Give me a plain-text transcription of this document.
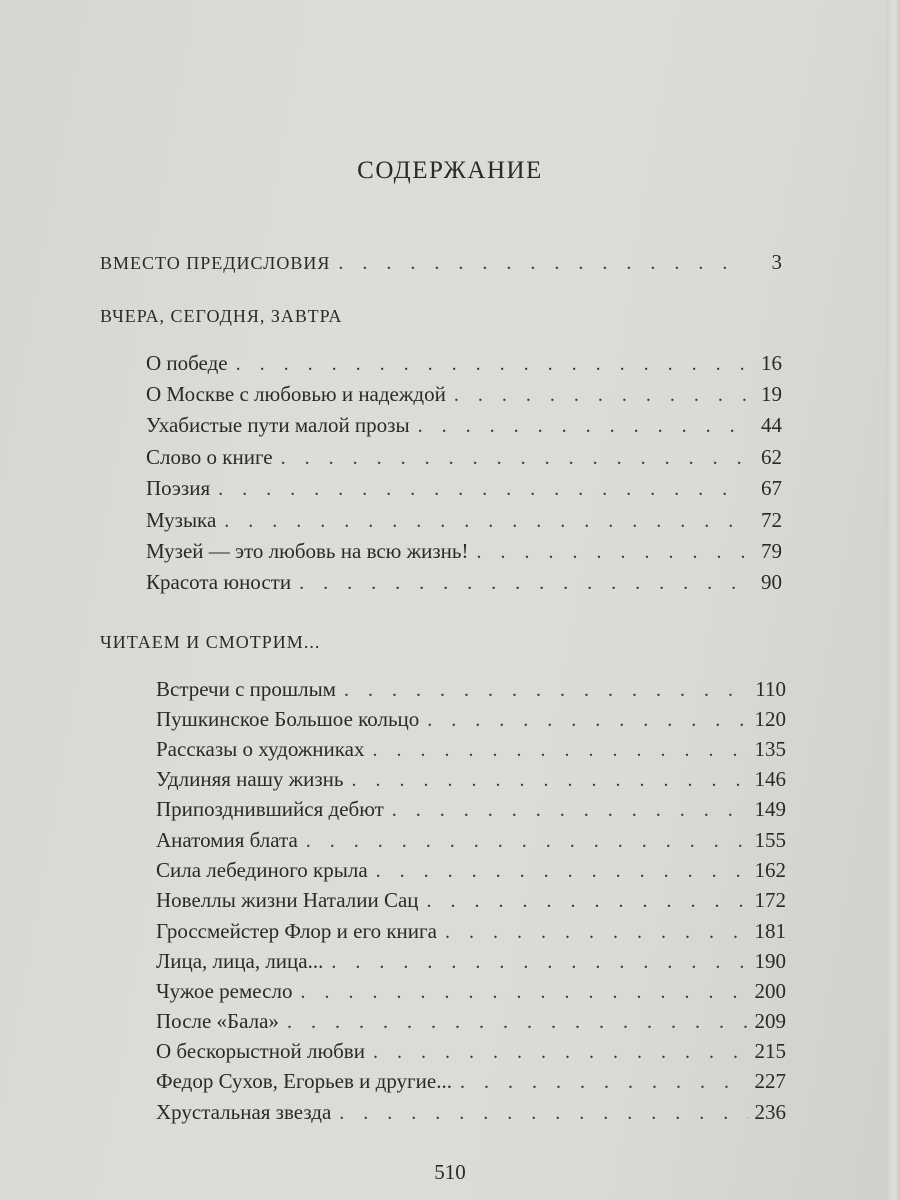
СОДЕРЖАНИЕ
ВМЕСТО ПРЕДИСЛОВИЯ . . .	3
ВЧЕРА, СЕГОДНЯ, ЗАВТРА
О победе . . .	16
О Москве с любовью и надеждой . . .	19
Ухабистые пути малой прозы . . .	44
Слово о книге . . .	62
Поэзия . . .	67
Музыка . . .	72
Музей — это любовь на всю жизнь! . . .	79
Красота юности . . .	90
ЧИТАЕМ И СМОТРИМ...
Встречи с прошлым . . .	110
Пушкинское Большое кольцо . . .	120
Рассказы о художниках . . .	135
Удлиняя нашу жизнь . . .	146
Припозднившийся дебют . . .	149
Анатомия блата . . .	155
Сила лебединого крыла . . .	162
Новеллы жизни Наталии Сац . . .	172
Гроссмейстер Флор и его книга . . .	181
Лица, лица, лица... . . .	190
Чужое ремесло . . .	200
После «Бала» . . .	209
О бескорыстной любви . . .	215
Федор Сухов, Егорьев и другие... . . .	227
Хрустальная звезда . . .	236
510
